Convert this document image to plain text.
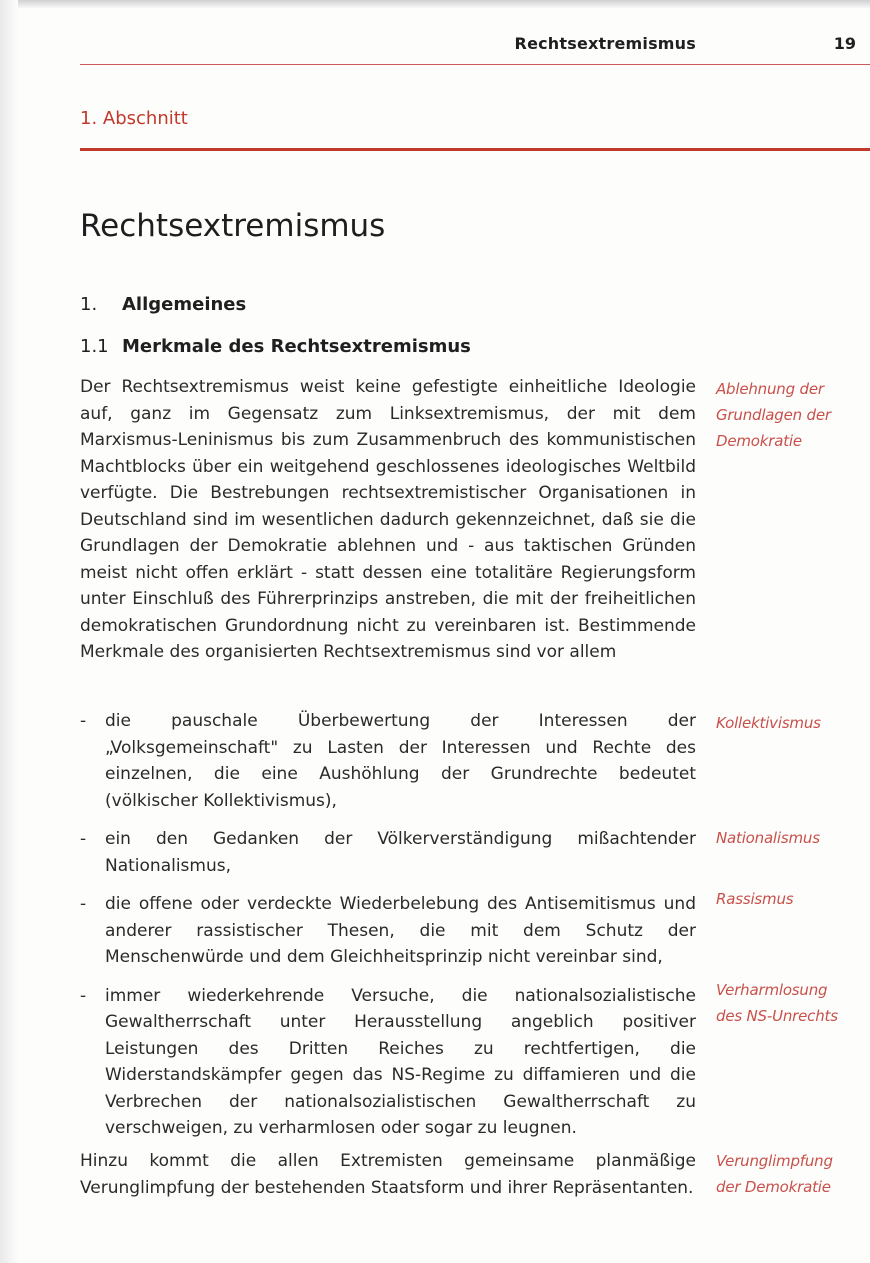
Rechtsextremismus	19
1. Abschnitt
Rechtsextremismus
1. Allgemeines
1.1 Merkmale des Rechtsextremismus

Der Rechtsextremismus weist keine gefestigte einheitliche Ideologie auf, ganz im Gegensatz zum Linksextremismus, der mit dem Marxismus-Leninismus bis zum Zusammenbruch des kommunistischen Machtblocks über ein weitgehend geschlossenes ideologisches Weltbild verfügte. Die Bestrebungen rechtsextremistischer Organisationen in Deutschland sind im wesentlichen dadurch gekennzeichnet, daß sie die Grundlagen der Demokratie ablehnen und - aus taktischen Gründen meist nicht offen erklärt - statt dessen eine totalitäre Regierungsform unter Einschluß des Führerprinzips anstreben, die mit der freiheitlichen demokratischen Grundordnung nicht zu vereinbaren ist. Bestimmende Merkmale des organisierten Rechtsextremismus sind vor allem

- die pauschale Überbewertung der Interessen der „Volksgemeinschaft" zu Lasten der Interessen und Rechte des einzelnen, die eine Aushöhlung der Grundrechte bedeutet (völkischer Kollektivismus),
- ein den Gedanken der Völkerverständigung mißachtender Nationalismus,
- die offene oder verdeckte Wiederbelebung des Antisemitismus und anderer rassistischer Thesen, die mit dem Schutz der Menschenwürde und dem Gleichheitsprinzip nicht vereinbar sind,
- immer wiederkehrende Versuche, die nationalsozialistische Gewaltherrschaft unter Herausstellung angeblich positiver Leistungen des Dritten Reiches zu rechtfertigen, die Widerstandskämpfer gegen das NS-Regime zu diffamieren und die Verbrechen der nationalsozialistischen Gewaltherrschaft zu verschweigen, zu verharmlosen oder sogar zu leugnen.

Hinzu kommt die allen Extremisten gemeinsame planmäßige Verunglimpfung der bestehenden Staatsform und ihrer Repräsentanten.

Ablehnung der
Grundlagen der
Demokratie
Kollektivismus
Nationalismus
Rassismus
Verharmlosung
des NS-Unrechts
Verunglimpfung
der Demokratie
